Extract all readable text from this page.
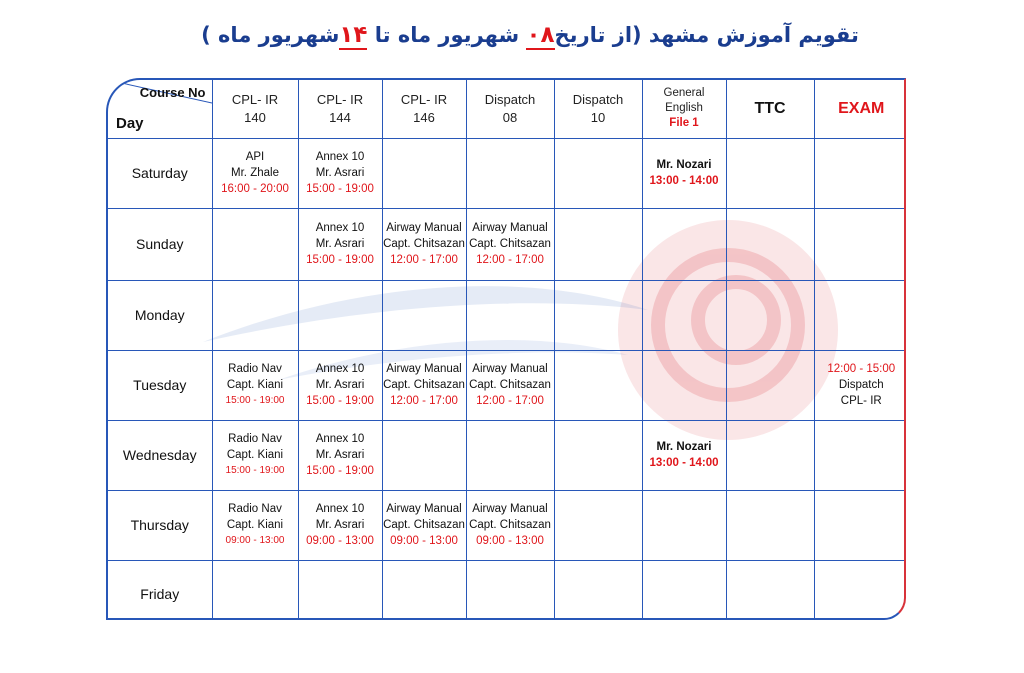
تقویم آموزش مشهد (از تاریخ۰۸ شهریور ماه تا ۱۴شهریور ماه )
Course No
Day	CPL- IR
140	CPL- IR
144	CPL- IR
146	Dispatch
08	Dispatch
10	General
English
File 1	TTC	EXAM
Saturday	API
Mr. Zhale
16:00 - 20:00	Annex 10
Mr. Asrari
15:00 - 19:00				Mr. Nozari
13:00 - 14:00		

Sunday		Annex 10
Mr. Asrari
15:00 - 19:00	Airway Manual
Capt. Chitsazan
12:00 - 17:00	Airway Manual
Capt. Chitsazan
12:00 - 17:00				

Monday								
Tuesday	Radio Nav
Capt. Kiani
15:00 - 19:00	Annex 10
Mr. Asrari
15:00 - 19:00	Airway Manual
Capt. Chitsazan
12:00 - 17:00	Airway Manual
Capt. Chitsazan
12:00 - 17:00				12:00 - 15:00
Dispatch
CPL- IR

Wednesday	Radio Nav
Capt. Kiani
15:00 - 19:00	Annex 10
Mr. Asrari
15:00 - 19:00				Mr. Nozari
13:00 - 14:00		

Thursday	Radio Nav
Capt. Kiani
09:00 - 13:00	Annex 10
Mr. Asrari
09:00 - 13:00	Airway Manual
Capt. Chitsazan
09:00 - 13:00	Airway Manual
Capt. Chitsazan
09:00 - 13:00				

Friday								
